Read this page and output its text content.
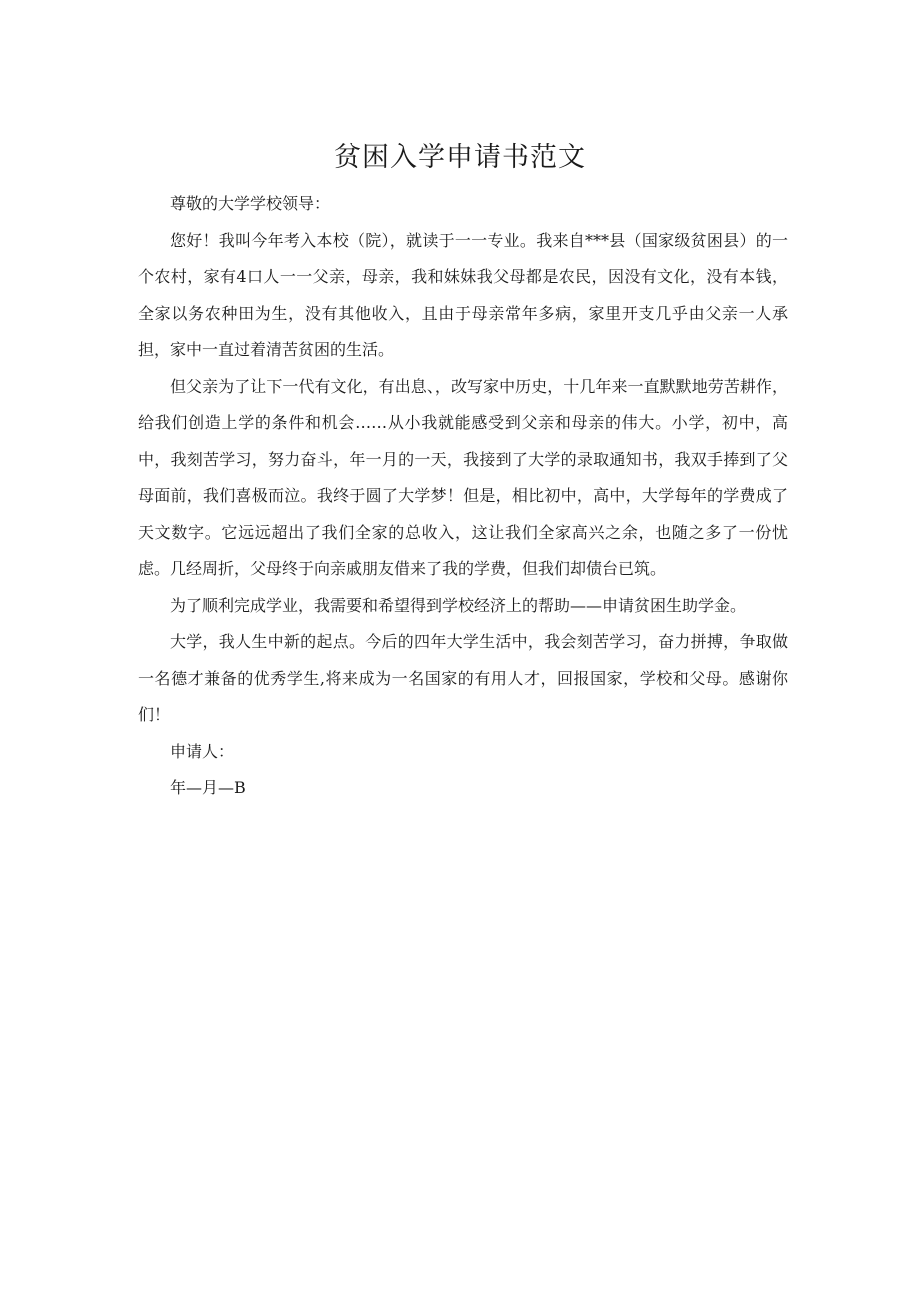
贫困入学申请书范文

尊敬的大学学校领导：

您好！我叫今年考入本校（院），就读于一一专业。我来自***县（国家级贫困县）的一个农村，家有4口人一一父亲，母亲，我和妹妹我父母都是农民，因没有文化，没有本钱，全家以务农种田为生，没有其他收入，且由于母亲常年多病，家里开支几乎由父亲一人承担，家中一直过着清苦贫困的生活。

但父亲为了让下一代有文化，有出息、，改写家中历史，十几年来一直默默地劳苦耕作，给我们创造上学的条件和机会……从小我就能感受到父亲和母亲的伟大。小学，初中，高中，我刻苦学习，努力奋斗，年一月的一天，我接到了大学的录取通知书，我双手捧到了父母面前，我们喜极而泣。我终于圆了大学梦！但是，相比初中，高中，大学每年的学费成了天文数字。它远远超出了我们全家的总收入，这让我们全家高兴之余，也随之多了一份忧虑。几经周折，父母终于向亲戚朋友借来了我的学费，但我们却债台已筑。

为了顺利完成学业，我需要和希望得到学校经济上的帮助——申请贫困生助学金。

大学，我人生中新的起点。今后的四年大学生活中，我会刻苦学习，奋力拼搏，争取做一名德才兼备的优秀学生,将来成为一名国家的有用人才，回报国家，学校和父母。感谢你们！

申请人：

年—月—B
